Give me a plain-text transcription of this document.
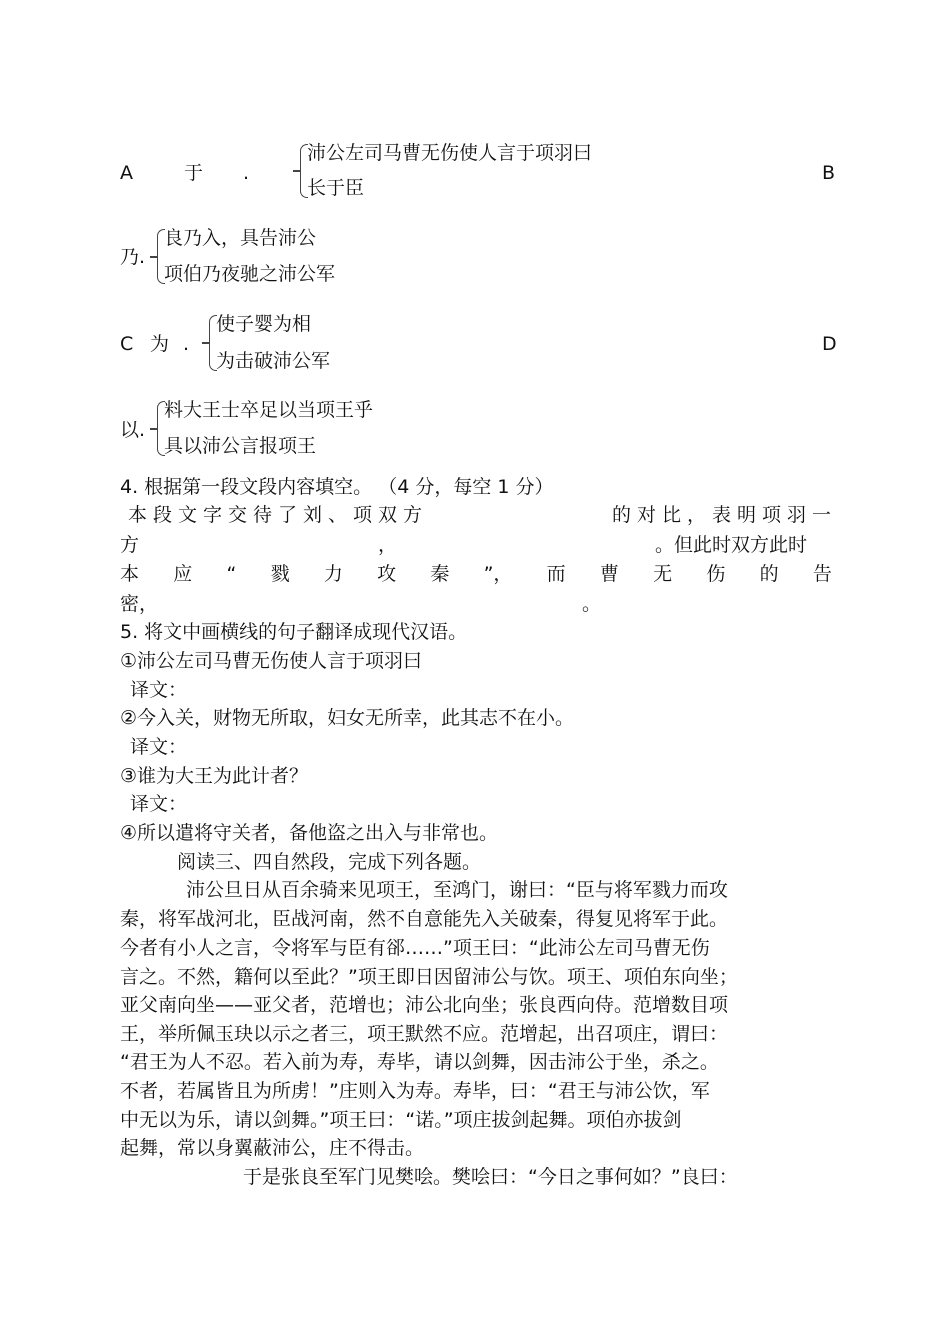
A	于 .
沛公左司马曹无伤使人言于项羽曰
长于臣
B
乃.
良乃入，具告沛公
项伯乃夜驰之沛公军
C 为 .
使子婴为相
为击破沛公军
D
以.
料大王士卒足以当项王乎
具以沛公言报项王
4. 根据第一段文段内容填空。 （4 分，每空 1 分）
本段文字交待了刘、项双方	的对比，表明项羽一
方	，	。但此时双方此时
本 应 “ 戮 力 攻 秦 ”， 而 曹 无 伤 的 告
密，	。
5. 将文中画横线的句子翻译成现代汉语。
①沛公左司马曹无伤使人言于项羽曰
译文：
②今入关，财物无所取，妇女无所幸，此其志不在小。
译文：
③谁为大王为此计者？
译文：
④所以遣将守关者，备他盗之出入与非常也。
阅读三、四自然段，完成下列各题。
沛公旦日从百余骑来见项王，至鸿门，谢曰：“臣与将军戮力而攻
秦，将军战河北，臣战河南，然不自意能先入关破秦，得复见将军于此。
今者有小人之言，令将军与臣有郤……”项王曰：“此沛公左司马曹无伤
言之。不然，籍何以至此？”项王即日因留沛公与饮。项王、项伯东向坐；
亚父南向坐——亚父者，范增也；沛公北向坐；张良西向侍。范增数目项
王，举所佩玉玦以示之者三，项王默然不应。范增起，出召项庄，谓曰：
“君王为人不忍。若入前为寿，寿毕，请以剑舞，因击沛公于坐，杀之。
不者，若属皆且为所虏！”庄则入为寿。寿毕，曰：“君王与沛公饮，军
中无以为乐，请以剑舞。”项王曰：“诺。”项庄拔剑起舞。项伯亦拔剑
起舞，常以身翼蔽沛公，庄不得击。
于是张良至军门见樊哙。樊哙曰：“今日之事何如？”良曰：
